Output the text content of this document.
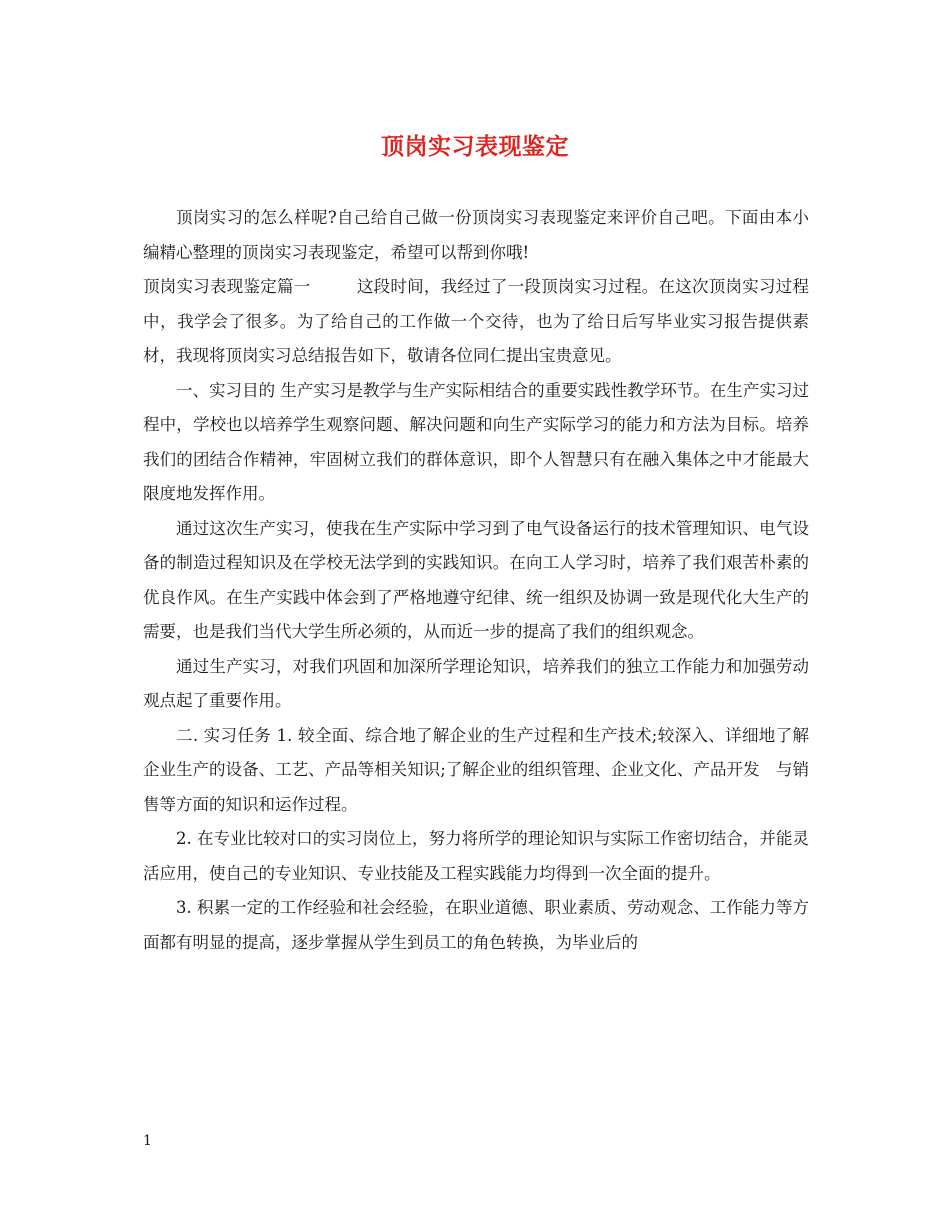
顶岗实习表现鉴定

顶岗实习的怎么样呢?自己给自己做一份顶岗实习表现鉴定来评价自己吧。下面由本小编精心整理的顶岗实习表现鉴定，希望可以帮到你哦!

顶岗实习表现鉴定篇一	这段时间，我经过了一段顶岗实习过程。在这次顶岗实习过程中，我学会了很多。为了给自己的工作做一个交待，也为了给日后写毕业实习报告提供素材，我现将顶岗实习总结报告如下，敬请各位同仁提出宝贵意见。

一、实习目的 生产实习是教学与生产实际相结合的重要实践性教学环节。在生产实习过程中，学校也以培养学生观察问题、解决问题和向生产实际学习的能力和方法为目标。培养我们的团结合作精神，牢固树立我们的群体意识，即个人智慧只有在融入集体之中才能最大限度地发挥作用。

通过这次生产实习，使我在生产实际中学习到了电气设备运行的技术管理知识、电气设备的制造过程知识及在学校无法学到的实践知识。在向工人学习时，培养了我们艰苦朴素的优良作风。在生产实践中体会到了严格地遵守纪律、统一组织及协调一致是现代化大生产的需要，也是我们当代大学生所必须的，从而近一步的提高了我们的组织观念。

通过生产实习，对我们巩固和加深所学理论知识，培养我们的独立工作能力和加强劳动观点起了重要作用。

二. 实习任务 1. 较全面、综合地了解企业的生产过程和生产技术;较深入、详细地了解企业生产的设备、工艺、产品等相关知识;了解企业的组织管理、企业文化、产品开发　与销售等方面的知识和运作过程。

2. 在专业比较对口的实习岗位上，努力将所学的理论知识与实际工作密切结合，并能灵活应用，使自己的专业知识、专业技能及工程实践能力均得到一次全面的提升。

3. 积累一定的工作经验和社会经验，在职业道德、职业素质、劳动观念、工作能力等方面都有明显的提高，逐步掌握从学生到员工的角色转换，为毕业后的

1
